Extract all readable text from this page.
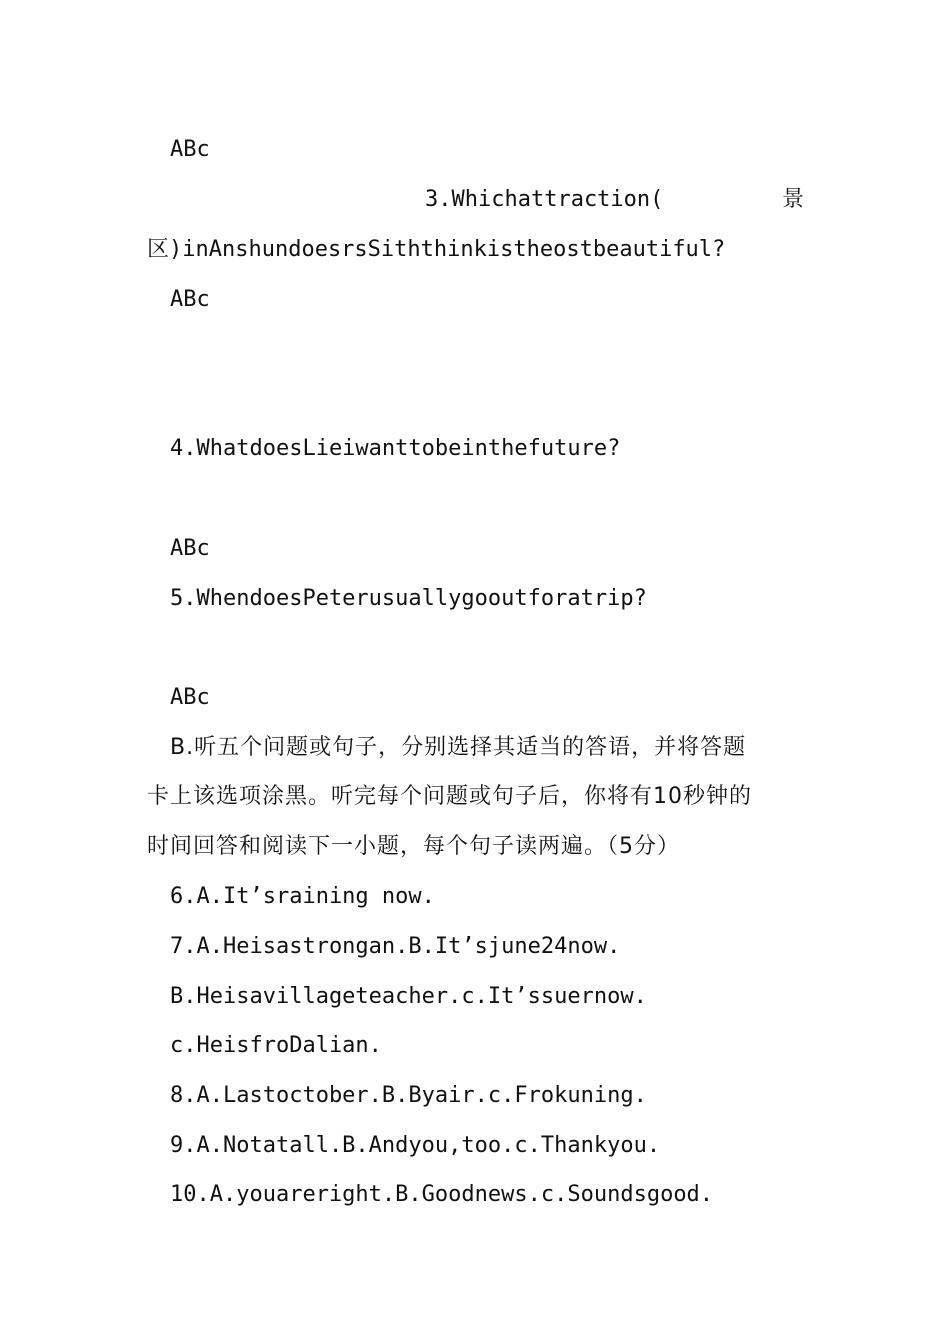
ABc
3.Whichattraction(	景
区)inAnshundoesrsSiththinkistheostbeautiful?
ABc
4.WhatdoesLieiwanttobeinthefuture?
ABc
5.WhendoesPeterusuallygooutforatrip?
ABc
B.听五个问题或句子，分别选择其适当的答语，并将答题
卡上该选项涂黑。听完每个问题或句子后，你将有10秒钟的
时间回答和阅读下一小题，每个句子读两遍。（5分）
6.A.It’sraining now.
7.A.Heisastrongan.B.It’sjune24now.
B.Heisavillageteacher.c.It’ssuernow.
c.HeisfroDalian.
8.A.Lastoctober.B.Byair.c.Frokuning.
9.A.Notatall.B.Andyou,too.c.Thankyou.
10.A.youareright.B.Goodnews.c.Soundsgood.
